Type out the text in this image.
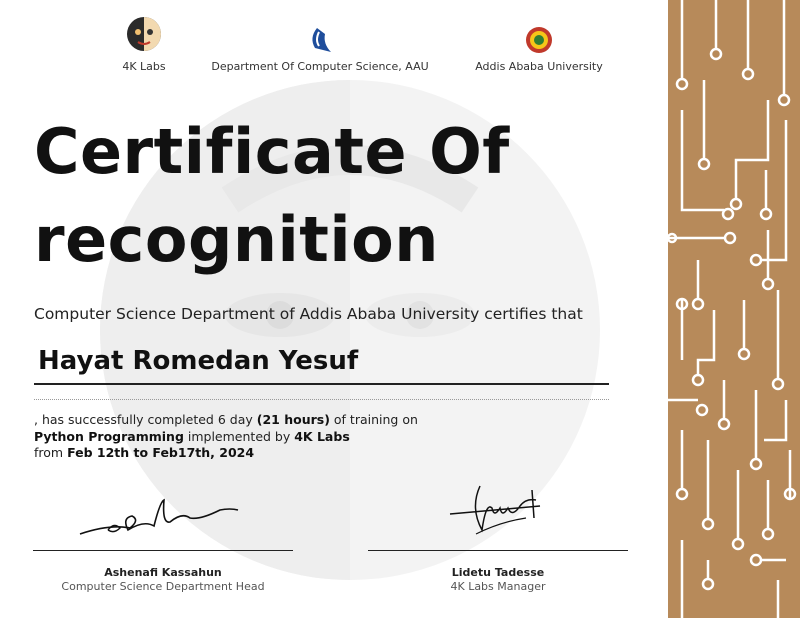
4K Labs	Department Of Computer Science, AAU	Addis Ababa University
Certificate Of
recognition
Computer Science Department of Addis Ababa University certifies that
Hayat Romedan Yesuf
, has successfully completed 6 day (21 hours) of training on
Python Programming implemented by 4K Labs
from Feb 12th to Feb17th, 2024
Ashenafi Kassahun
Computer Science Department Head
Lidetu Tadesse
4K Labs Manager
